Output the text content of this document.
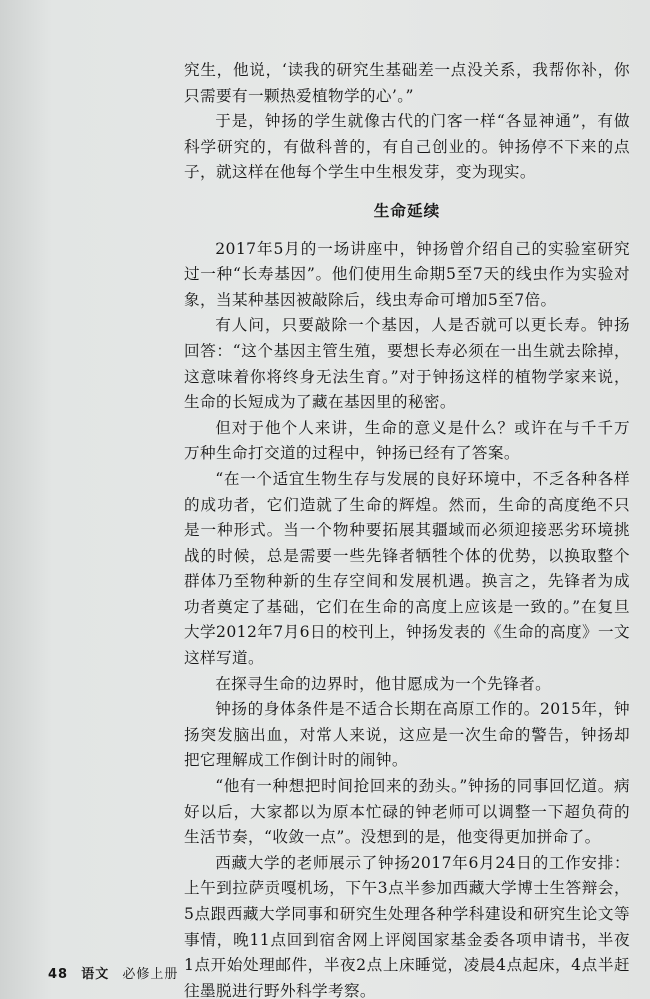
究生，他说，‘读我的研究生基础差一点没关系，我帮你补，你只需要有一颗热爱植物学的心’。”

于是，钟扬的学生就像古代的门客一样“各显神通”，有做科学研究的，有做科普的，有自己创业的。钟扬停不下来的点子，就这样在他每个学生中生根发芽，变为现实。

生命延续

2017年5月的一场讲座中，钟扬曾介绍自己的实验室研究过一种“长寿基因”。他们使用生命期5至7天的线虫作为实验对象，当某种基因被敲除后，线虫寿命可增加5至7倍。

有人问，只要敲除一个基因，人是否就可以更长寿。钟扬回答：“这个基因主管生殖，要想长寿必须在一出生就去除掉，这意味着你将终身无法生育。”对于钟扬这样的植物学家来说，生命的长短成为了藏在基因里的秘密。

但对于他个人来讲，生命的意义是什么？或许在与千千万万种生命打交道的过程中，钟扬已经有了答案。

“在一个适宜生物生存与发展的良好环境中，不乏各种各样的成功者，它们造就了生命的辉煌。然而，生命的高度绝不只是一种形式。当一个物种要拓展其疆域而必须迎接恶劣环境挑战的时候，总是需要一些先锋者牺牲个体的优势，以换取整个群体乃至物种新的生存空间和发展机遇。换言之，先锋者为成功者奠定了基础，它们在生命的高度上应该是一致的。”在复旦大学2012年7月6日的校刊上，钟扬发表的《生命的高度》一文这样写道。

在探寻生命的边界时，他甘愿成为一个先锋者。

钟扬的身体条件是不适合长期在高原工作的。2015年，钟扬突发脑出血，对常人来说，这应是一次生命的警告，钟扬却把它理解成工作倒计时的闹钟。

“他有一种想把时间抢回来的劲头。”钟扬的同事回忆道。病好以后，大家都以为原本忙碌的钟老师可以调整一下超负荷的生活节奏，“收敛一点”。没想到的是，他变得更加拼命了。

西藏大学的老师展示了钟扬2017年6月24日的工作安排：上午到拉萨贡嘎机场，下午3点半参加西藏大学博士生答辩会，5点跟西藏大学同事和研究生处理各种学科建设和研究生论文等事情，晚11点回到宿舍网上评阅国家基金委各项申请书，半夜1点开始处理邮件，半夜2点上床睡觉，凌晨4点起床，4点半赶往墨脱进行野外科学考察。

48 语文 必修上册
